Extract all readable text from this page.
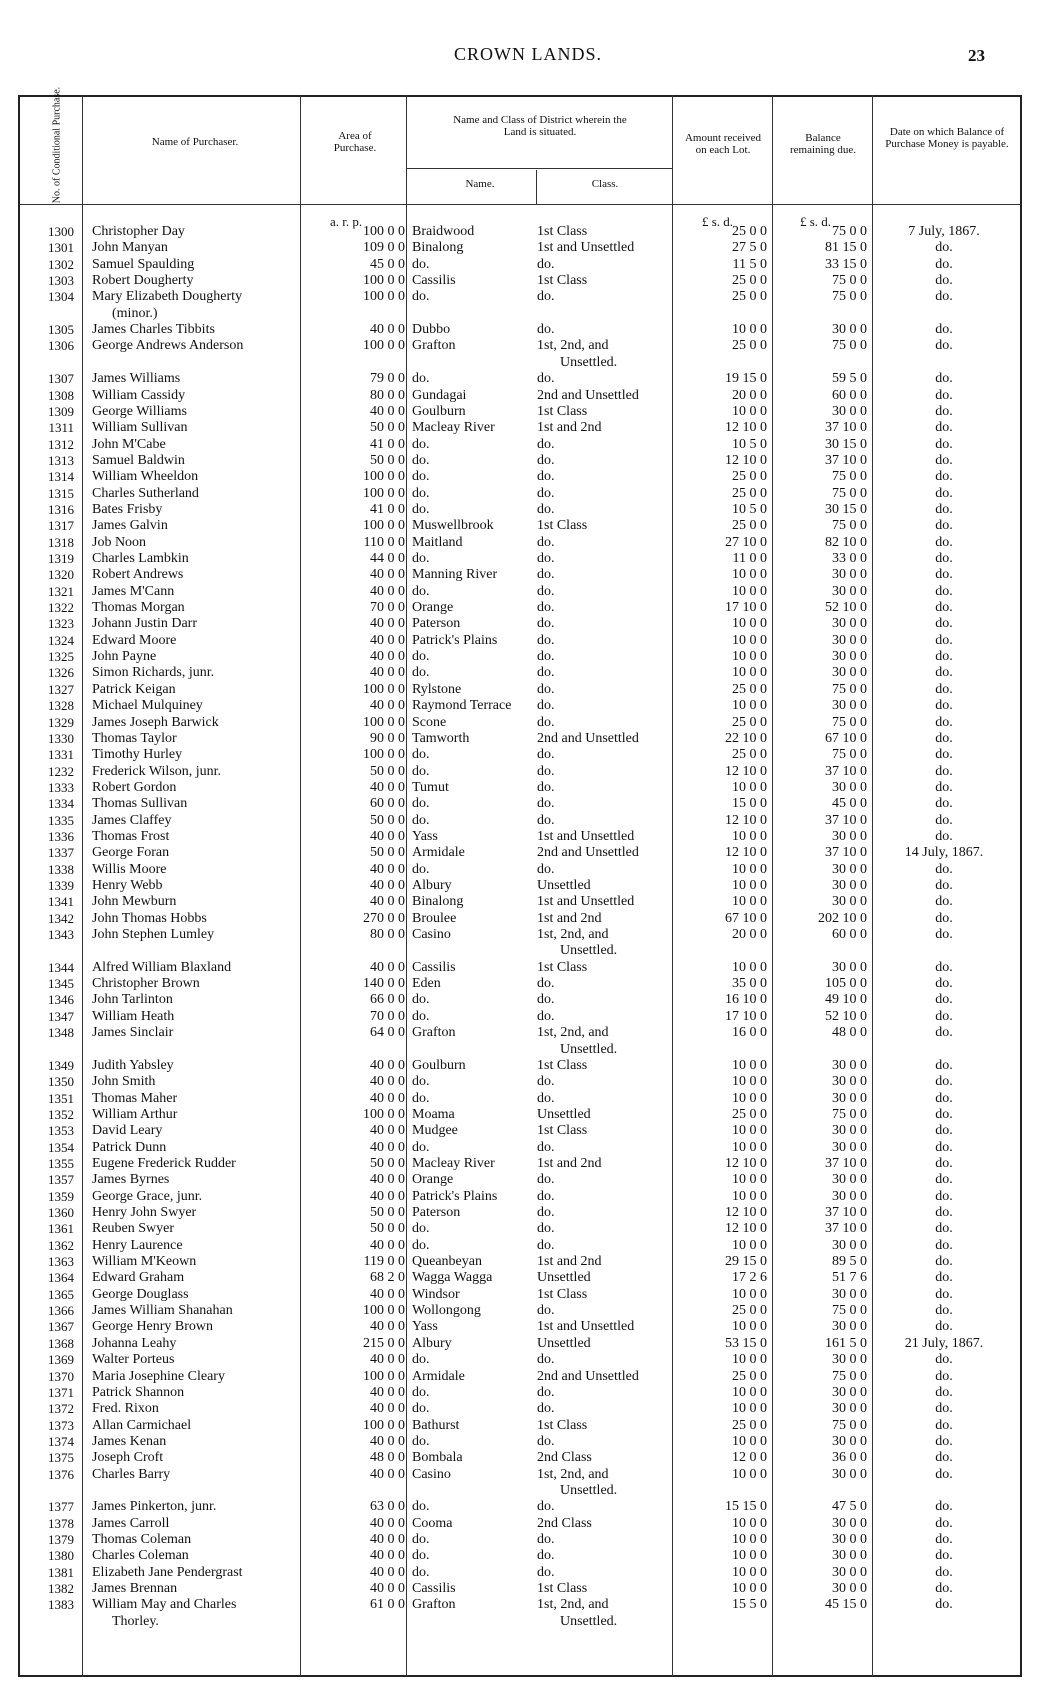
CROWN LANDS.	23
No. of Conditional Purchase.	Name of Purchaser.	Area of Purchase.
Name and Class of District wherein the Land is situated.
Name.	Class.
Amount received on each Lot.
Balance remaining due.
Date on which Balance of Purchase Money is payable.
a. r. p.	£ s. d.	£ s. d.
1300 Christopher Day	100 0 0 Braidwood	1st Class	25 0 0	75 0 0	7 July, 1867.
1301 John Manyan	109 0 0 Binalong	1st and Unsettled	27 5 0	81 15 0	do.
1302 Samuel Spaulding	45 0 0 do.	do.	11 5 0	33 15 0	do.
1303 Robert Dougherty	100 0 0 Cassilis	1st Class	25 0 0	75 0 0	do.
1304 Mary Elizabeth Dougherty	100 0 0 do.	do.	25 0 0	75 0 0	do.
(minor.)
1305 James Charles Tibbits	40 0 0 Dubbo	do.	10 0 0	30 0 0	do.
1306 George Andrews Anderson	100 0 0 Grafton	1st, 2nd, and	25 0 0	75 0 0	do.
Unsettled.
1307 James Williams	79 0 0 do.	do.	19 15 0	59 5 0	do.
1308 William Cassidy	80 0 0 Gundagai	2nd and Unsettled	20 0 0	60 0 0	do.
1309 George Williams	40 0 0 Goulburn	1st Class	10 0 0	30 0 0	do.
1311 William Sullivan	50 0 0 Macleay River	1st and 2nd	12 10 0	37 10 0	do.
1312 John M'Cabe	41 0 0 do.	do.	10 5 0	30 15 0	do.
1313 Samuel Baldwin	50 0 0 do.	do.	12 10 0	37 10 0	do.
1314 William Wheeldon	100 0 0 do.	do.	25 0 0	75 0 0	do.
1315 Charles Sutherland	100 0 0 do.	do.	25 0 0	75 0 0	do.
1316 Bates Frisby	41 0 0 do.	do.	10 5 0	30 15 0	do.
1317 James Galvin	100 0 0 Muswellbrook	1st Class	25 0 0	75 0 0	do.
1318 Job Noon	110 0 0 Maitland	do.	27 10 0	82 10 0	do.
1319 Charles Lambkin	44 0 0 do.	do.	11 0 0	33 0 0	do.
1320 Robert Andrews	40 0 0 Manning River	do.	10 0 0	30 0 0	do.
1321 James M'Cann	40 0 0 do.	do.	10 0 0	30 0 0	do.
1322 Thomas Morgan	70 0 0 Orange	do.	17 10 0	52 10 0	do.
1323 Johann Justin Darr	40 0 0 Paterson	do.	10 0 0	30 0 0	do.
1324 Edward Moore	40 0 0 Patrick's Plains	do.	10 0 0	30 0 0	do.
1325 John Payne	40 0 0 do.	do.	10 0 0	30 0 0	do.
1326 Simon Richards, junr.	40 0 0 do.	do.	10 0 0	30 0 0	do.
1327 Patrick Keigan	100 0 0 Rylstone	do.	25 0 0	75 0 0	do.
1328 Michael Mulquiney	40 0 0 Raymond Terrace	do.	10 0 0	30 0 0	do.
1329 James Joseph Barwick	100 0 0 Scone	do.	25 0 0	75 0 0	do.
1330 Thomas Taylor	90 0 0 Tamworth	2nd and Unsettled	22 10 0	67 10 0	do.
1331 Timothy Hurley	100 0 0 do.	do.	25 0 0	75 0 0	do.
1232 Frederick Wilson, junr.	50 0 0 do.	do.	12 10 0	37 10 0	do.
1333 Robert Gordon	40 0 0 Tumut	do.	10 0 0	30 0 0	do.
1334 Thomas Sullivan	60 0 0 do.	do.	15 0 0	45 0 0	do.
1335 James Claffey	50 0 0 do.	do.	12 10 0	37 10 0	do.
1336 Thomas Frost	40 0 0 Yass	1st and Unsettled	10 0 0	30 0 0	do.
1337 George Foran	50 0 0 Armidale	2nd and Unsettled	12 10 0	37 10 0	14 July, 1867.
1338 Willis Moore	40 0 0 do.	do.	10 0 0	30 0 0	do.
1339 Henry Webb	40 0 0 Albury	Unsettled	10 0 0	30 0 0	do.
1341 John Mewburn	40 0 0 Binalong	1st and Unsettled	10 0 0	30 0 0	do.
1342 John Thomas Hobbs	270 0 0 Broulee	1st and 2nd	67 10 0	202 10 0	do.
1343 John Stephen Lumley	80 0 0 Casino	1st, 2nd, and	20 0 0	60 0 0	do.
Unsettled.
1344 Alfred William Blaxland	40 0 0 Cassilis	1st Class	10 0 0	30 0 0	do.
1345 Christopher Brown	140 0 0 Eden	do.	35 0 0	105 0 0	do.
1346 John Tarlinton	66 0 0 do.	do.	16 10 0	49 10 0	do.
1347 William Heath	70 0 0 do.	do.	17 10 0	52 10 0	do.
1348 James Sinclair	64 0 0 Grafton	1st, 2nd, and	16 0 0	48 0 0	do.
Unsettled.
1349 Judith Yabsley	40 0 0 Goulburn	1st Class	10 0 0	30 0 0	do.
1350 John Smith	40 0 0 do.	do.	10 0 0	30 0 0	do.
1351 Thomas Maher	40 0 0 do.	do.	10 0 0	30 0 0	do.
1352 William Arthur	100 0 0 Moama	Unsettled	25 0 0	75 0 0	do.
1353 David Leary	40 0 0 Mudgee	1st Class	10 0 0	30 0 0	do.
1354 Patrick Dunn	40 0 0 do.	do.	10 0 0	30 0 0	do.
1355 Eugene Frederick Rudder	50 0 0 Macleay River	1st and 2nd	12 10 0	37 10 0	do.
1357 James Byrnes	40 0 0 Orange	do.	10 0 0	30 0 0	do.
1359 George Grace, junr.	40 0 0 Patrick's Plains	do.	10 0 0	30 0 0	do.
1360 Henry John Swyer	50 0 0 Paterson	do.	12 10 0	37 10 0	do.
1361 Reuben Swyer	50 0 0 do.	do.	12 10 0	37 10 0	do.
1362 Henry Laurence	40 0 0 do.	do.	10 0 0	30 0 0	do.
1363 William M'Keown	119 0 0 Queanbeyan	1st and 2nd	29 15 0	89 5 0	do.
1364 Edward Graham	68 2 0 Wagga Wagga	Unsettled	17 2 6	51 7 6	do.
1365 George Douglass	40 0 0 Windsor	1st Class	10 0 0	30 0 0	do.
1366 James William Shanahan	100 0 0 Wollongong	do.	25 0 0	75 0 0	do.
1367 George Henry Brown	40 0 0 Yass	1st and Unsettled	10 0 0	30 0 0	do.
1368 Johanna Leahy	215 0 0 Albury	Unsettled	53 15 0	161 5 0	21 July, 1867.
1369 Walter Porteus	40 0 0 do.	do.	10 0 0	30 0 0	do.
1370 Maria Josephine Cleary	100 0 0 Armidale	2nd and Unsettled	25 0 0	75 0 0	do.
1371 Patrick Shannon	40 0 0 do.	do.	10 0 0	30 0 0	do.
1372 Fred. Rixon	40 0 0 do.	do.	10 0 0	30 0 0	do.
1373 Allan Carmichael	100 0 0 Bathurst	1st Class	25 0 0	75 0 0	do.
1374 James Kenan	40 0 0 do.	do.	10 0 0	30 0 0	do.
1375 Joseph Croft	48 0 0 Bombala	2nd Class	12 0 0	36 0 0	do.
1376 Charles Barry	40 0 0 Casino	1st, 2nd, and	10 0 0	30 0 0	do.
Unsettled.
1377 James Pinkerton, junr.	63 0 0 do.	do.	15 15 0	47 5 0	do.
1378 James Carroll	40 0 0 Cooma	2nd Class	10 0 0	30 0 0	do.
1379 Thomas Coleman	40 0 0 do.	do.	10 0 0	30 0 0	do.
1380 Charles Coleman	40 0 0 do.	do.	10 0 0	30 0 0	do.
1381 Elizabeth Jane Pendergrast	40 0 0 do.	do.	10 0 0	30 0 0	do.
1382 James Brennan	40 0 0 Cassilis	1st Class	10 0 0	30 0 0	do.
1383 William May and Charles	61 0 0 Grafton	1st, 2nd, and	15 5 0	45 15 0	do.
Thorley.	Unsettled.
